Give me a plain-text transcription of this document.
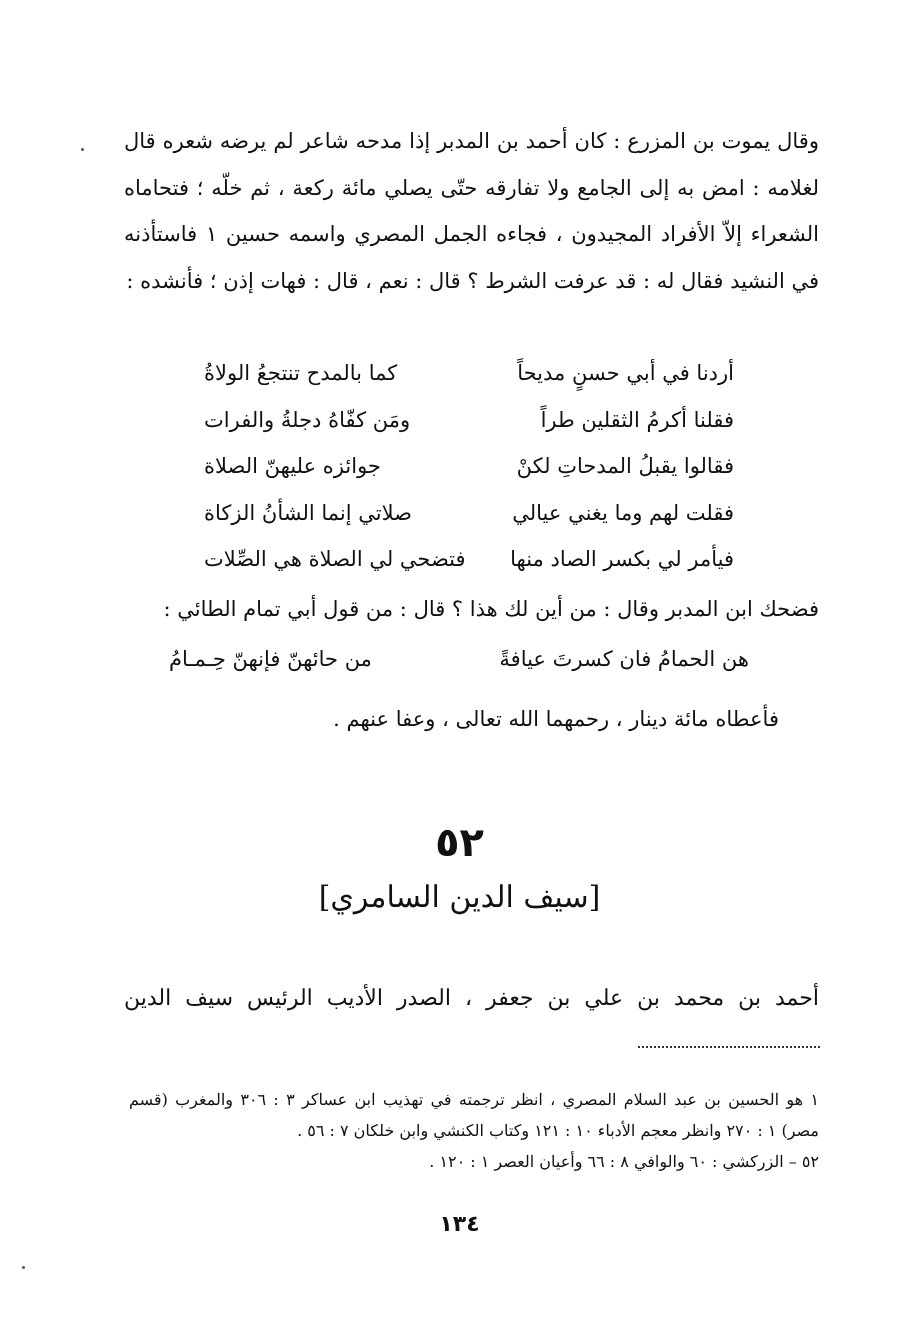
وقال يموت بن المزرع : كان أحمد بن المدبر إذا مدحه شاعر لم يرضه شعره قال لغلامه : امض به إلى الجامع ولا تفارقه حتّى يصلي مائة ركعة ، ثم خلّه ؛ فتحاماه الشعراء إلاّ الأفراد المجيدون ، فجاءه الجمل المصري واسمه حسين ١ فاستأذنه في النشيد فقال له : قد عرفت الشرط ؟ قال : نعم ، قال : فهات إذن ؛ فأنشده :

أردنا في أبي حسنٍ مديحاً
كما بالمدح تنتجعُ الولاةُ
فقلنا أكرمُ الثقلين طراً
ومَن كفّاهُ دجلةُ والفرات
فقالوا يقبلُ المدحاتِ لكنْ
جوائزه عليهنّ الصلاة
فقلت لهم وما يغني عيالي
صلاتي إنما الشأنُ الزكاة
فيأمر لي بكسر الصاد منها
فتضحي لي الصلاة هي الصِّلات
فضحك ابن المدبر وقال : من أين لك هذا ؟ قال : من قول أبي تمام الطائي :
هن الحمامُ فان كسرتَ عيافةً
من حائهنّ فإنهنّ حِـمـامُ
فأعطاه مائة دينار ، رحمهما الله تعالى ، وعفا عنهم .
٥٢
[سيف الدين السامري]
أحمد بن محمد بن علي بن جعفر ، الصدر الأديب الرئيس سيف الدين

١ هو الحسين بن عبد السلام المصري ، انظر ترجمته في تهذيب ابن عساكر ٣ : ٣٠٦ والمغرب (قسم مصر) ١ : ٢٧٠ وانظر معجم الأدباء ١٠ : ١٢١ وكتاب الكنشي وابن خلكان ٧ : ٥٦ .

٥٢ – الزركشي : ٦٠ والوافي ٨ : ٦٦ وأعيان العصر ١ : ١٢٠ .

١٣٤
